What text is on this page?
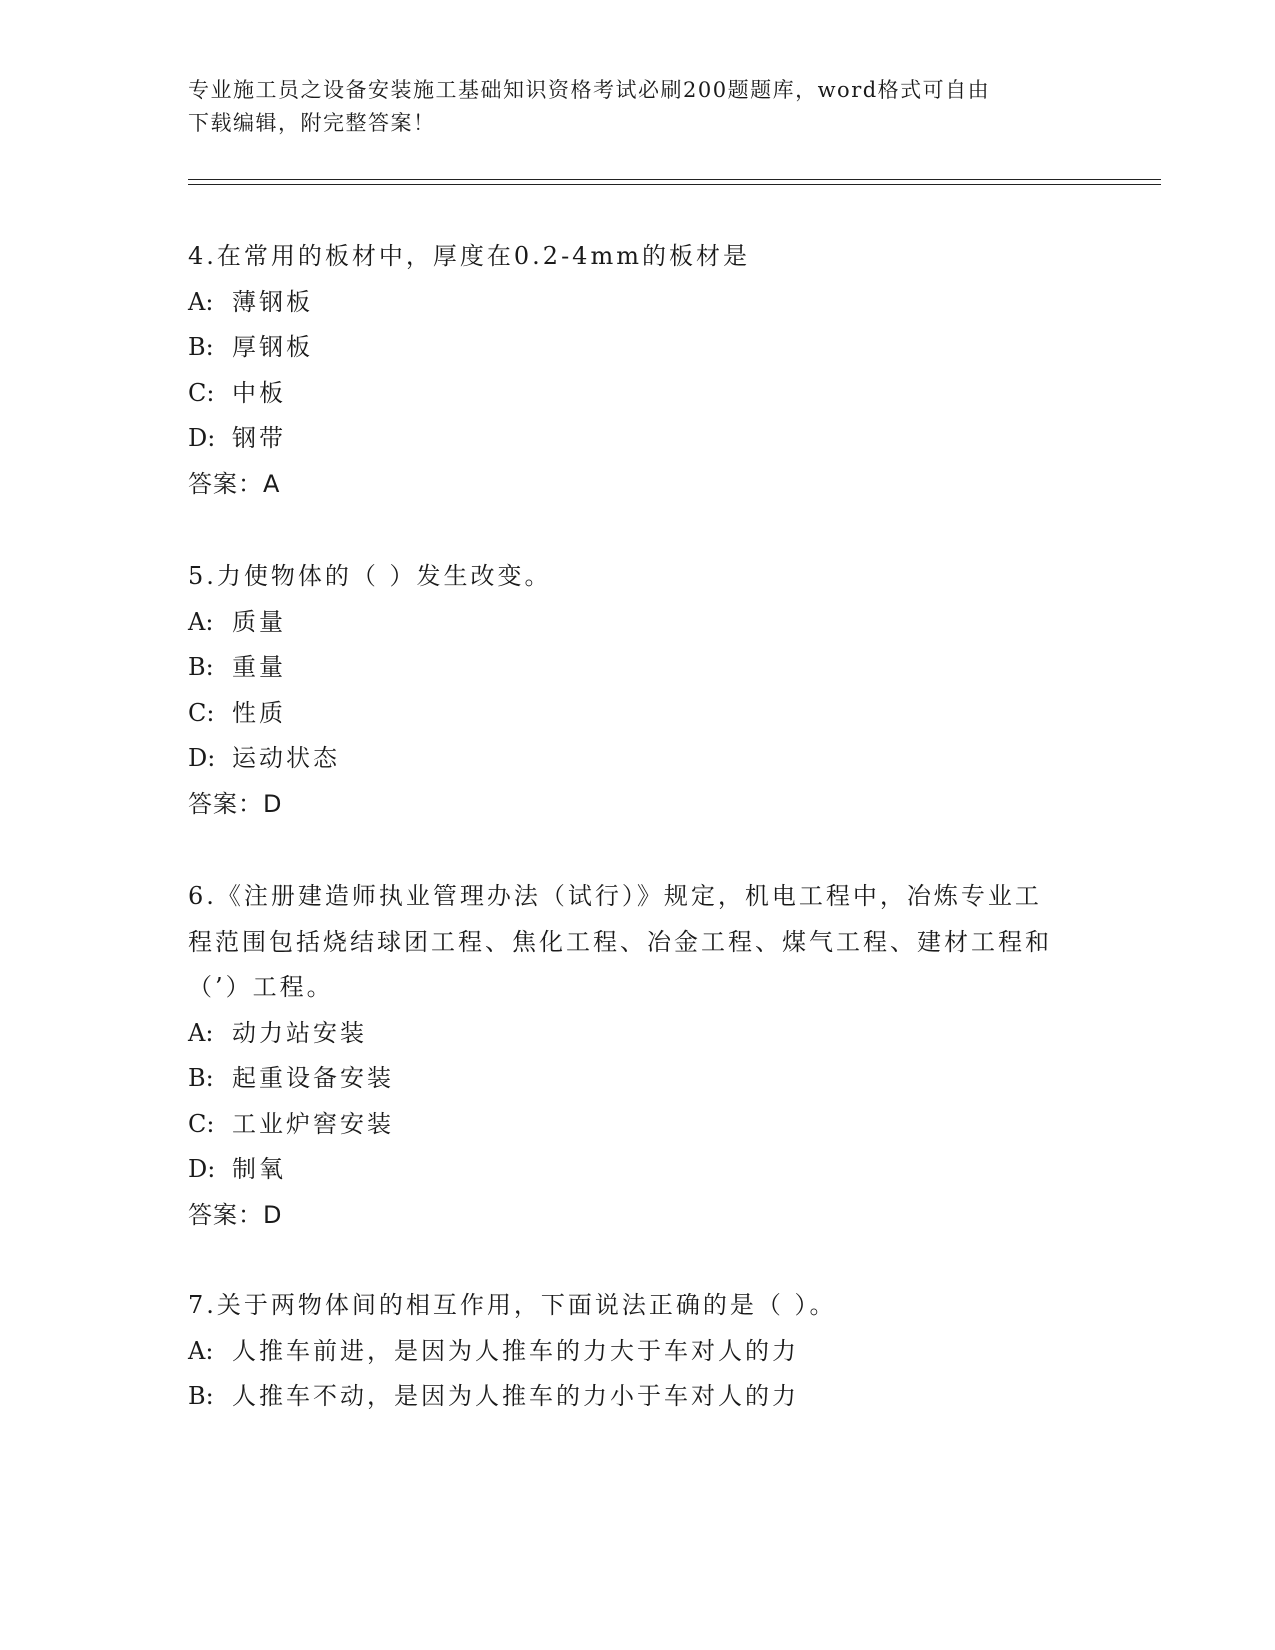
专业施工员之设备安装施工基础知识资格考试必刷200题题库，word格式可自由
下载编辑，附完整答案！
4.在常用的板材中，厚度在0.2-4mm的板材是
A: 薄钢板
B: 厚钢板
C: 中板
D: 钢带
答案：A
5.力使物体的（ ）发生改变。
A: 质量
B: 重量
C: 性质
D: 运动状态
答案：D
6.《注册建造师执业管理办法（试行）》规定，机电工程中，冶炼专业工程范围包括烧结球团工程、焦化工程、冶金工程、煤气工程、建材工程和（’）工程。
A: 动力站安装
B: 起重设备安装
C: 工业炉窖安装
D: 制氧
答案：D
7.关于两物体间的相互作用，下面说法正确的是（ ）。
A: 人推车前进，是因为人推车的力大于车对人的力
B: 人推车不动，是因为人推车的力小于车对人的力
